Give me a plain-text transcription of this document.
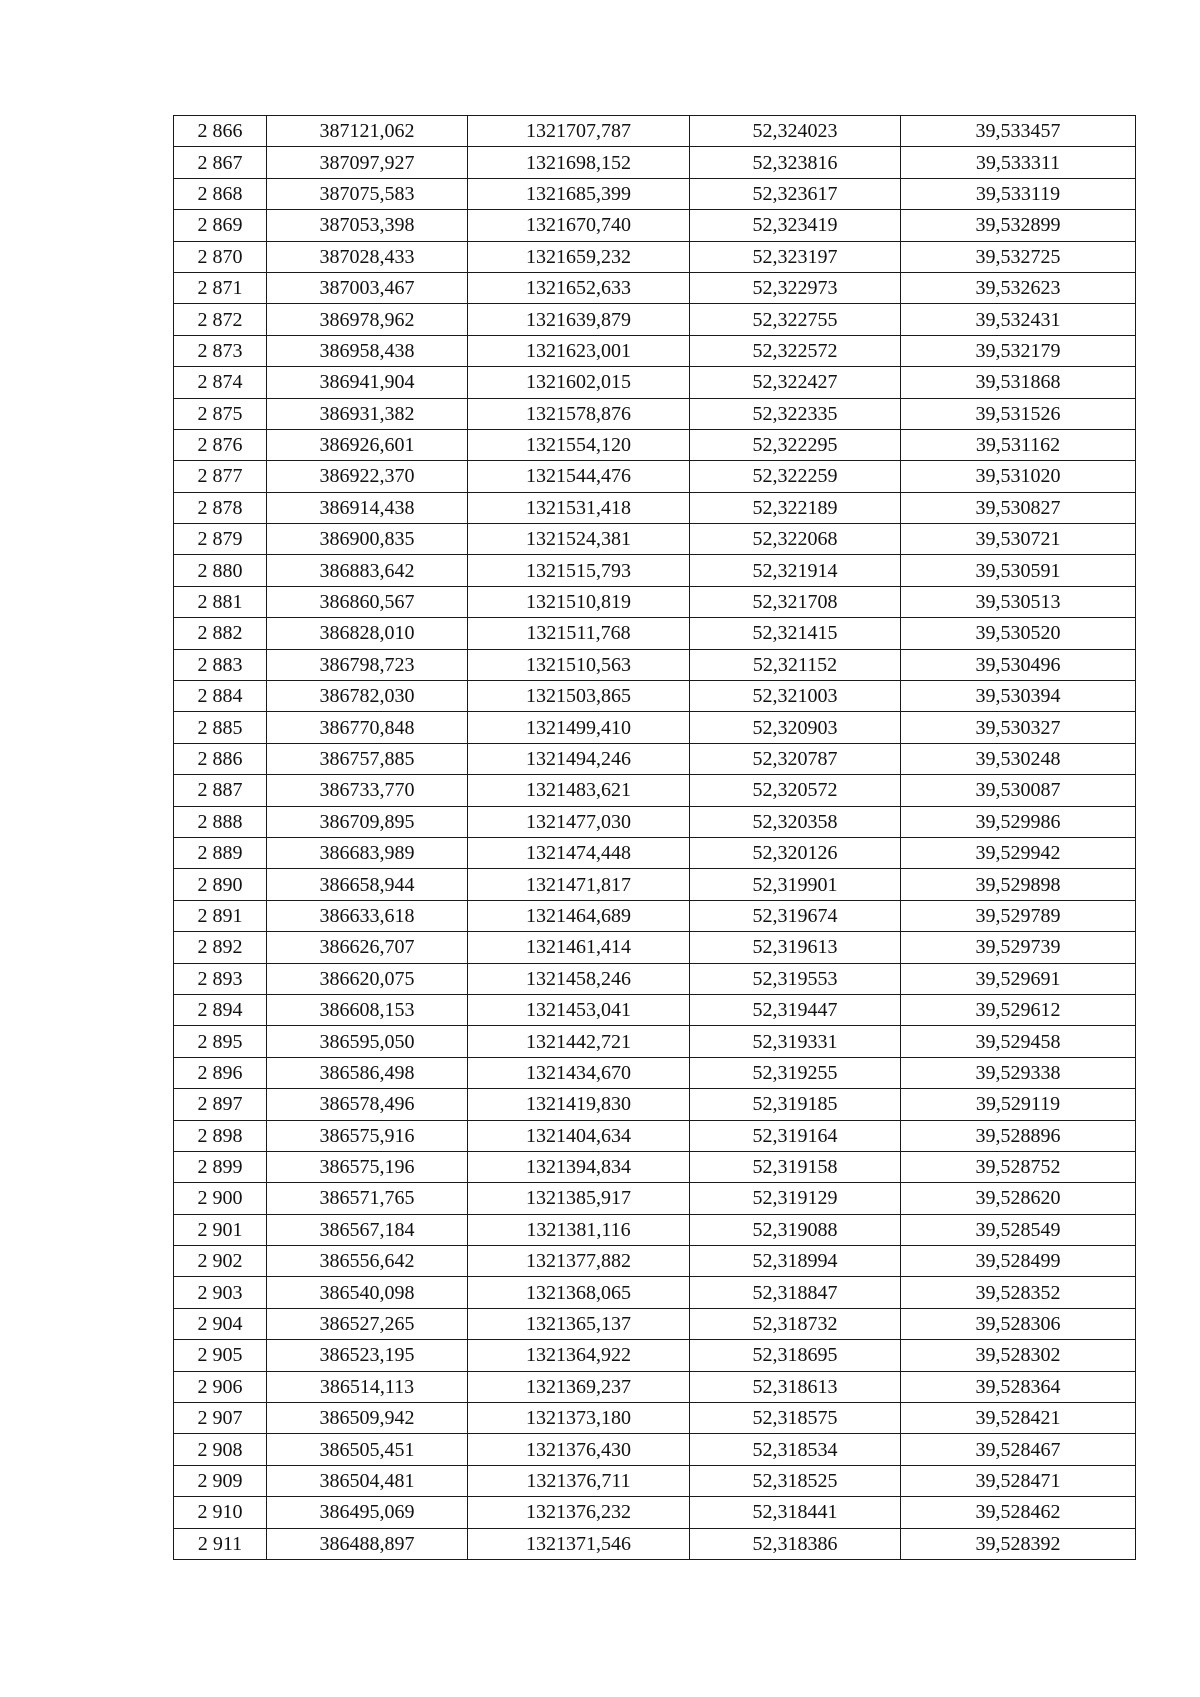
2 866	387121,062	1321707,787	52,324023	39,533457
2 867	387097,927	1321698,152	52,323816	39,533311
2 868	387075,583	1321685,399	52,323617	39,533119
2 869	387053,398	1321670,740	52,323419	39,532899
2 870	387028,433	1321659,232	52,323197	39,532725
2 871	387003,467	1321652,633	52,322973	39,532623
2 872	386978,962	1321639,879	52,322755	39,532431
2 873	386958,438	1321623,001	52,322572	39,532179
2 874	386941,904	1321602,015	52,322427	39,531868
2 875	386931,382	1321578,876	52,322335	39,531526
2 876	386926,601	1321554,120	52,322295	39,531162
2 877	386922,370	1321544,476	52,322259	39,531020
2 878	386914,438	1321531,418	52,322189	39,530827
2 879	386900,835	1321524,381	52,322068	39,530721
2 880	386883,642	1321515,793	52,321914	39,530591
2 881	386860,567	1321510,819	52,321708	39,530513
2 882	386828,010	1321511,768	52,321415	39,530520
2 883	386798,723	1321510,563	52,321152	39,530496
2 884	386782,030	1321503,865	52,321003	39,530394
2 885	386770,848	1321499,410	52,320903	39,530327
2 886	386757,885	1321494,246	52,320787	39,530248
2 887	386733,770	1321483,621	52,320572	39,530087
2 888	386709,895	1321477,030	52,320358	39,529986
2 889	386683,989	1321474,448	52,320126	39,529942
2 890	386658,944	1321471,817	52,319901	39,529898
2 891	386633,618	1321464,689	52,319674	39,529789
2 892	386626,707	1321461,414	52,319613	39,529739
2 893	386620,075	1321458,246	52,319553	39,529691
2 894	386608,153	1321453,041	52,319447	39,529612
2 895	386595,050	1321442,721	52,319331	39,529458
2 896	386586,498	1321434,670	52,319255	39,529338
2 897	386578,496	1321419,830	52,319185	39,529119
2 898	386575,916	1321404,634	52,319164	39,528896
2 899	386575,196	1321394,834	52,319158	39,528752
2 900	386571,765	1321385,917	52,319129	39,528620
2 901	386567,184	1321381,116	52,319088	39,528549
2 902	386556,642	1321377,882	52,318994	39,528499
2 903	386540,098	1321368,065	52,318847	39,528352
2 904	386527,265	1321365,137	52,318732	39,528306
2 905	386523,195	1321364,922	52,318695	39,528302
2 906	386514,113	1321369,237	52,318613	39,528364
2 907	386509,942	1321373,180	52,318575	39,528421
2 908	386505,451	1321376,430	52,318534	39,528467
2 909	386504,481	1321376,711	52,318525	39,528471
2 910	386495,069	1321376,232	52,318441	39,528462
2 911	386488,897	1321371,546	52,318386	39,528392
